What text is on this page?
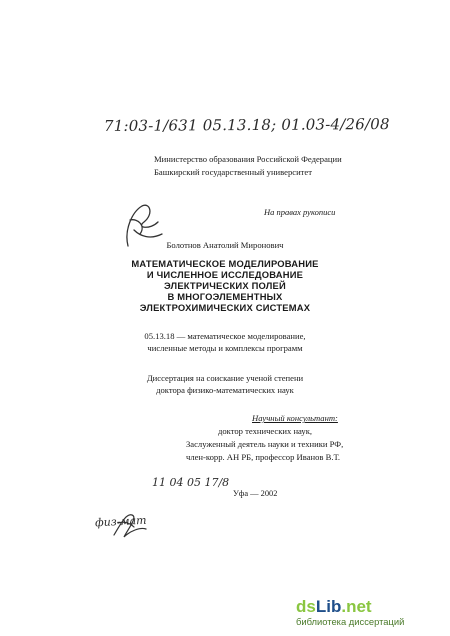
71:03-1/631 05.13.18; 01.03-4/26/08
Министерство образования Российской Федерации
Башкирский государственный университет
На правах рукописи
Болотнов Анатолий Миронович
МАТЕМАТИЧЕСКОЕ МОДЕЛИРОВАНИЕ
И ЧИСЛЕННОЕ ИССЛЕДОВАНИЕ
ЭЛЕКТРИЧЕСКИХ ПОЛЕЙ
В МНОГОЭЛЕМЕНТНЫХ
ЭЛЕКТРОХИМИЧЕСКИХ СИСТЕМАХ
05.13.18 — математическое моделирование,
численные методы и комплексы программ
Диссертация на соискание ученой степени
доктора физико-математических наук
Научный консультант:
доктор технических наук,
Заслуженный деятель науки и техники РФ,
член-корр. АН РБ, профессор Иванов В.Т.
11 04 05 17/8
Уфа — 2002
физ-мат
dsLib.net
библиотека диссертаций
